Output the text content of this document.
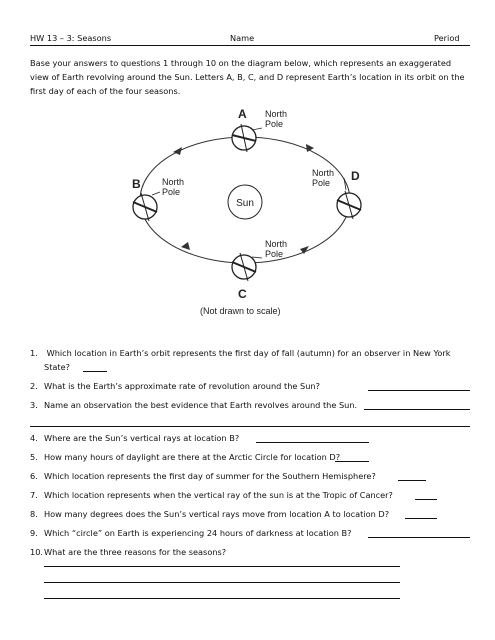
HW 13 – 3: Seasons	Name	Period
Base your answers to questions 1 through 10 on the diagram below, which represents an exaggerated view of Earth revolving around the Sun. Letters A, B, C, and D represent Earth’s location in its orbit on the first day of each of the four seasons.
Sun
A North
Pole
B North
Pole
D
North
Pole
C
North
Pole
(Not drawn to scale)
1. Which location in Earth’s orbit represents the first day of fall (autumn) for an observer in New York
State?
2. What is the Earth’s approximate rate of revolution around the Sun?
3. Name an observation the best evidence that Earth revolves around the Sun.
4. Where are the Sun’s vertical rays at location B?
5. How many hours of daylight are there at the Arctic Circle for location D?
6. Which location represents the first day of summer for the Southern Hemisphere?
7. Which location represents when the vertical ray of the sun is at the Tropic of Cancer?
8. How many degrees does the Sun’s vertical rays move from location A to location D?
9. Which “circle” on Earth is experiencing 24 hours of darkness at location B?
10.What are the three reasons for the seasons?
